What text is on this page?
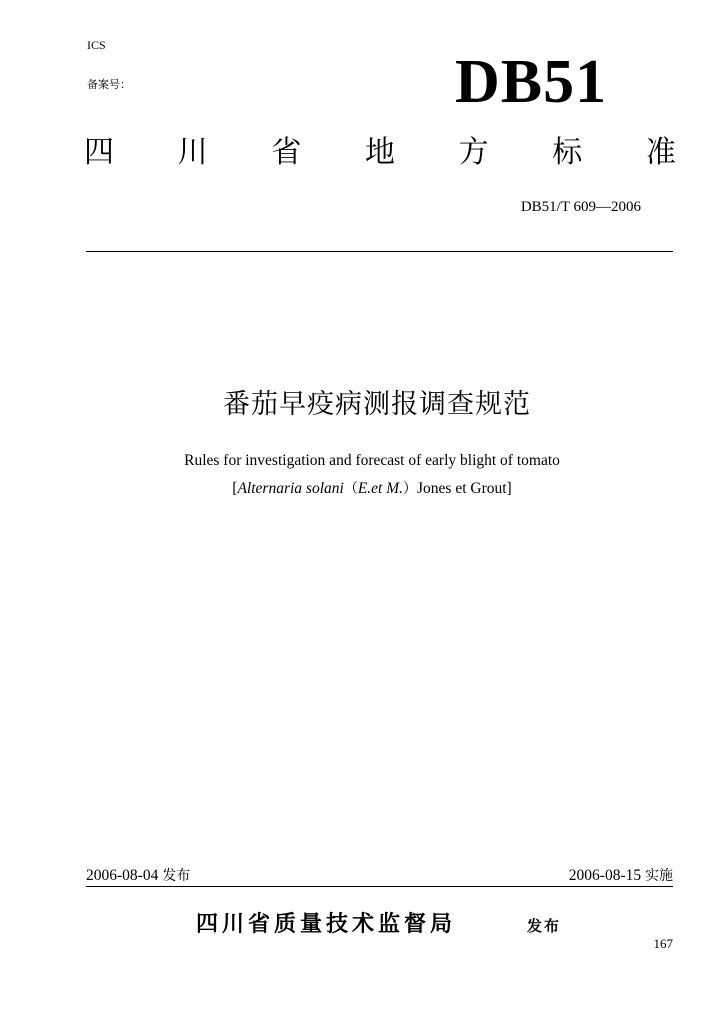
ICS
备案号：	DB51
四 川 省 地 方 标 准
DB51/T 609—2006
番茄早疫病测报调查规范
Rules for investigation and forecast of early blight of tomato
[Alternaria solani（E.et M.）Jones et Grout]
2006-08-04 发布	2006-08-15 实施
四川省质量技术监督局	发布
167
